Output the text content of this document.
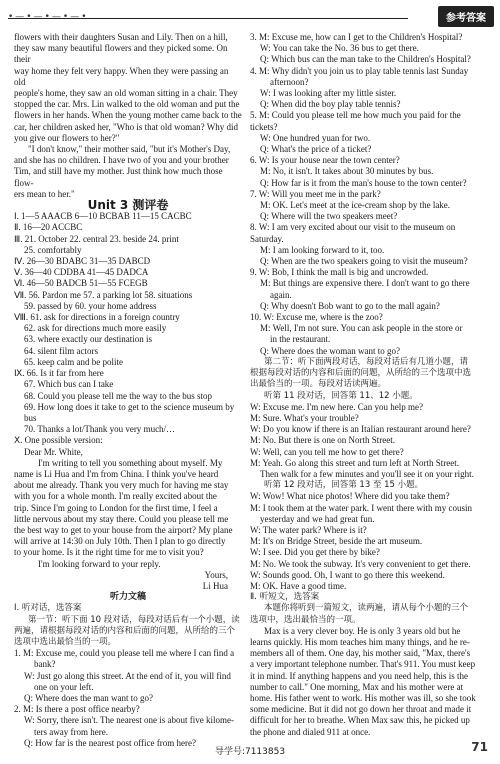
•—•—•—•—•	参考答案

flowers with their daughters Susan and Lily. Then on a hill,

they saw many beautiful flowers and they picked some. On their

way home they felt very happy. When they were passing an old

people's home, they saw an old woman sitting in a chair. They

stopped the car. Mrs. Lin walked to the old woman and put the

flowers in her hands. When the young mother came back to the

car, her children asked her, "Who is that old woman? Why did

you give our flowers to her?"

"I don't know," their mother said, "but it's Mother's Day,

and she has no children. I have two of you and your brother

Tim, and still have my mother. Just think how much those flow-

ers mean to her."

Unit 3 测评卷

Ⅰ. 1—5 AAACB 6—10 BCBAB 11—15 CACBC

Ⅱ. 16—20 ACCBC

Ⅲ. 21. October 22. central 23. beside 24. print

25. comfortably

Ⅳ. 26—30 BDABC 31—35 DABCD

Ⅴ. 36—40 CDDBA 41—45 DADCA

Ⅵ. 46—50 BADCB 51—55 FCEGB

Ⅶ. 56. Pardon me 57. a parking lot 58. situations

59. passed by 60. your home address

Ⅷ. 61. ask for directions in a foreign country

62. ask for directions much more easily

63. where exactly our destination is

64. silent film actors

65. keep calm and be polite

Ⅸ. 66. Is it far from here

67. Which bus can I take

68. Could you please tell me the way to the bus stop

69. How long does it take to get to the science museum by bus

70. Thanks a lot/Thank you very much/…

Ⅹ. One possible version:

Dear Mr. White,

I'm writing to tell you something about myself. My

name is Li Hua and I'm from China. I think you've heard

about me already. Thank you very much for having me stay

with you for a whole month. I'm really excited about the

trip. Since I'm going to London for the first time, I feel a

little nervous about my stay there. Could you please tell me

the best way to get to your house from the airport? My plane

will arrive at 14:30 on July 10th. Then I plan to go directly

to your home. Is it the right time for me to visit you?

I'm looking forward to your reply.

Yours,

Li Hua

听力文稿

Ⅰ. 听对话，选答案

第一节：听下面 10 段对话，每段对话后有一个小题，读

两遍，请根据每段对话的内容和后面的问题，从所给的三个

选项中选出最恰当的一项。

1. M: Excuse me, could you please tell me where I can find a

bank?

W: Just go along this street. At the end of it, you will find

one on your left.

Q: Where does the man want to go?

2. M: Is there a post office nearby?

W: Sorry, there isn't. The nearest one is about five kilome-

ters away from here.

Q: How far is the nearest post office from here?

3. M: Excuse me, how can I get to the Children's Hospital?

W: You can take the No. 36 bus to get there.

Q: Which bus can the man take to the Children's Hospital?

4. M: Why didn't you join us to play table tennis last Sunday

afternoon?

W: I was looking after my little sister.

Q: When did the boy play table tennis?

5. M: Could you please tell me how much you paid for the tickets?

W: One hundred yuan for two.

Q: What's the price of a ticket?

6. W: Is your house near the town center?

M: No, it isn't. It takes about 30 minutes by bus.

Q: How far is it from the man's house to the town center?

7. W: Will you meet me in the park?

M: OK. Let's meet at the ice-cream shop by the lake.

Q: Where will the two speakers meet?

8. W: I am very excited about our visit to the museum on Saturday.

M: I am looking forward to it, too.

Q: When are the two speakers going to visit the museum?

9. W: Bob, I think the mall is big and uncrowded.

M: But things are expensive there. I don't want to go there

again.

Q: Why doesn't Bob want to go to the mall again?

10. W: Excuse me, where is the zoo?

M: Well, I'm not sure. You can ask people in the store or

in the restaurant.

Q: Where does the woman want to go?

第二节：听下面两段对话，每段对话后有几道小题，请

根据每段对话的内容和后面的问题，从所给的三个选项中选

出最恰当的一项。每段对话读两遍。

听第 11 段对话，回答第 11、12 小题。

W: Excuse me. I'm new here. Can you help me?

M: Sure. What's your trouble?

W: Do you know if there is an Italian restaurant around here?

M: No. But there is one on North Street.

W: Well, can you tell me how to get there?

M: Yeah. Go along this street and turn left at North Street.

Then walk for a few minutes and you'll see it on your right.

听第 12 段对话，回答第 13 至 15 小题。

W: Wow! What nice photos! Where did you take them?

M: I took them at the water park. I went there with my cousin

yesterday and we had great fun.

W: The water park? Where is it?

M: It's on Bridge Street, beside the art museum.

W: I see. Did you get there by bike?

M: No. We took the subway. It's very convenient to get there.

W: Sounds good. Oh, I want to go there this weekend.

M: OK. Have a good time.

Ⅱ. 听短文，选答案

本题你将听到一篇短文，读两遍，请从每个小题的三个

选项中，选出最恰当的一项。

Max is a very clever boy. He is only 3 years old but he

learns quickly. His mom teaches him many things, and he re-

members all of them. One day, his mother said, "Max, there's

a very important telephone number. That's 911. You must keep

it in mind. If anything happens and you need help, this is the

number to call." One morning, Max and his mother were at

home. His father went to work. His mother was ill, so she took

some medicine. But it did not go down her throat and made it

difficult for her to breathe. When Max saw this, he picked up

the phone and dialed 911 at once.

导学号:7113853	71
